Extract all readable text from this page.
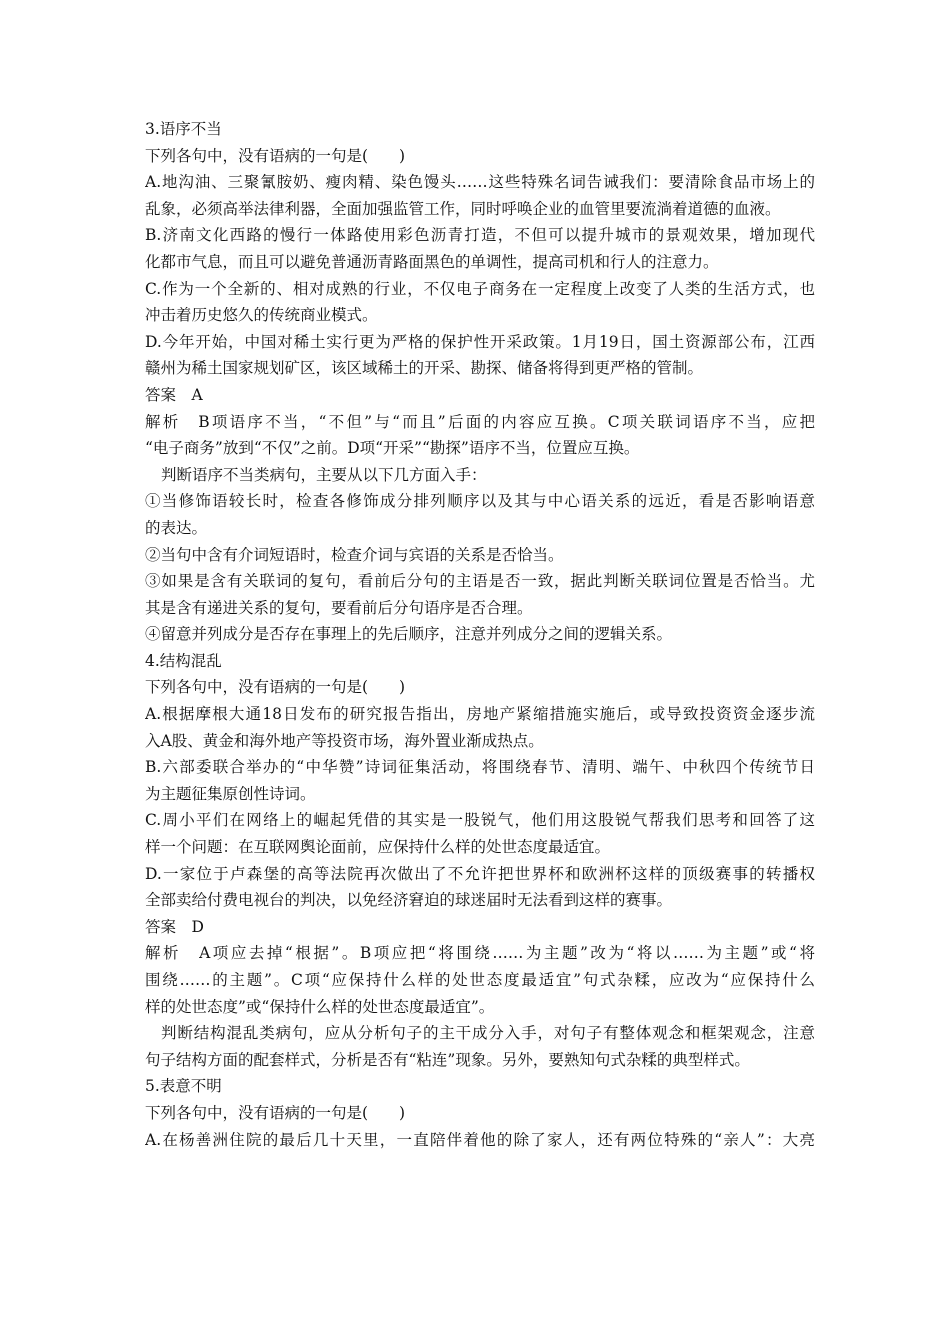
3.语序不当
下列各句中，没有语病的一句是(　　)
A.地沟油、三聚氰胺奶、瘦肉精、染色馒头……这些特殊名词告诫我们：要清除食品市场上的
乱象，必须高举法律利器，全面加强监管工作，同时呼唤企业的血管里要流淌着道德的血液。
B.济南文化西路的慢行一体路使用彩色沥青打造，不但可以提升城市的景观效果，增加现代
化都市气息，而且可以避免普通沥青路面黑色的单调性，提高司机和行人的注意力。
C.作为一个全新的、相对成熟的行业，不仅电子商务在一定程度上改变了人类的生活方式，也
冲击着历史悠久的传统商业模式。
D.今年开始，中国对稀土实行更为严格的保护性开采政策。1月19日，国土资源部公布，江西
赣州为稀土国家规划矿区，该区域稀土的开采、勘探、储备将得到更严格的管制。
答案　A
解析　B项语序不当，“不但”与“而且”后面的内容应互换。C项关联词语序不当，应把
“电子商务”放到“不仅”之前。D项“开采”“勘探”语序不当，位置应互换。
判断语序不当类病句，主要从以下几方面入手：
①当修饰语较长时，检查各修饰成分排列顺序以及其与中心语关系的远近，看是否影响语意
的表达。
②当句中含有介词短语时，检查介词与宾语的关系是否恰当。
③如果是含有关联词的复句，看前后分句的主语是否一致，据此判断关联词位置是否恰当。尤
其是含有递进关系的复句，要看前后分句语序是否合理。
④留意并列成分是否存在事理上的先后顺序，注意并列成分之间的逻辑关系。
4.结构混乱
下列各句中，没有语病的一句是(　　)
A.根据摩根大通18日发布的研究报告指出，房地产紧缩措施实施后，或导致投资资金逐步流
入A股、黄金和海外地产等投资市场，海外置业渐成热点。
B.六部委联合举办的“中华赞”诗词征集活动，将围绕春节、清明、端午、中秋四个传统节日
为主题征集原创性诗词。
C.周小平们在网络上的崛起凭借的其实是一股锐气，他们用这股锐气帮我们思考和回答了这
样一个问题：在互联网舆论面前，应保持什么样的处世态度最适宜。
D.一家位于卢森堡的高等法院再次做出了不允许把世界杯和欧洲杯这样的顶级赛事的转播权
全部卖给付费电视台的判决，以免经济窘迫的球迷届时无法看到这样的赛事。
答案　D
解析　A项应去掉“根据”。B项应把“将围绕……为主题”改为“将以……为主题”或“将
围绕……的主题”。C项“应保持什么样的处世态度最适宜”句式杂糅，应改为“应保持什么
样的处世态度”或“保持什么样的处世态度最适宜”。
判断结构混乱类病句，应从分析句子的主干成分入手，对句子有整体观念和框架观念，注意
句子结构方面的配套样式，分析是否有“粘连”现象。另外，要熟知句式杂糅的典型样式。
5.表意不明
下列各句中，没有语病的一句是(　　)
A.在杨善洲住院的最后几十天里，一直陪伴着他的除了家人，还有两位特殊的“亲人”：大亮
